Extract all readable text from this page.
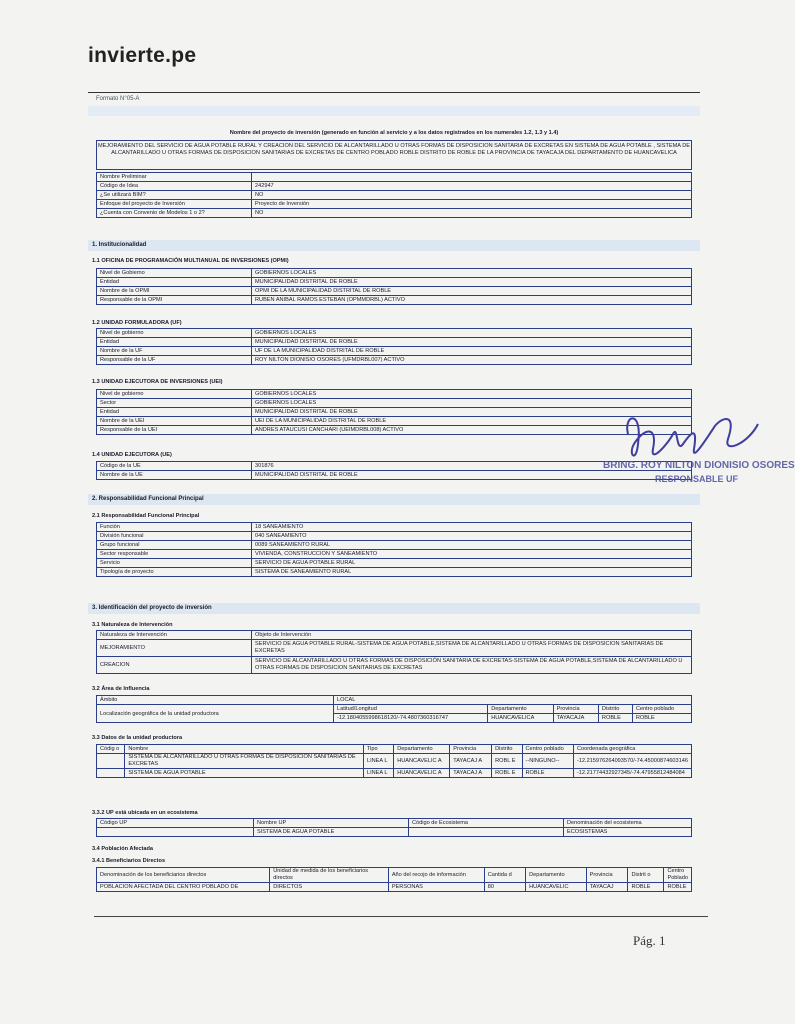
invierte.pe
Formato N°05-A
Nombre del proyecto de inversión (generado en función al servicio y a los datos registrados en los numerales 1.2, 1.3 y 1.4)
MEJORAMIENTO DEL SERVICIO DE AGUA POTABLE RURAL Y CREACION DEL SERVICIO DE ALCANTARILLADO U OTRAS FORMAS DE DISPOSICION SANITARIA DE EXCRETAS EN SISTEMA DE AGUA POTABLE , SISTEMA DE ALCANTARILLADO U OTRAS FORMAS DE DISPOSICION SANITARIAS DE EXCRETAS DE CENTRO POBLADO ROBLE DISTRITO DE ROBLE DE LA PROVINCIA DE TAYACAJA DEL DEPARTAMENTO DE HUANCAVELICA
Nombre Preliminar	
Código de Idea	242947
¿Se utilizará BIM?	NO
Enfoque del proyecto de Inversión	Proyecto de Inversión
¿Cuenta con Convenio de Modelos 1 o 2?	NO
1. Institucionalidad
1.1 OFICINA DE PROGRAMACIÓN MULTIANUAL DE INVERSIONES (OPMI)
Nivel de Gobierno	GOBIERNOS LOCALES
Entidad	MUNICIPALIDAD DISTRITAL DE ROBLE
Nombre de la OPMI	OPMI DE LA MUNICIPALIDAD DISTRITAL DE ROBLE
Responsable de la OPMI	RUBEN ANIBAL RAMOS ESTEBAN (OPMMDRBL) ACTIVO
1.2 UNIDAD FORMULADORA (UF)
Nivel de gobierno	GOBIERNOS LOCALES
Entidad	MUNICIPALIDAD DISTRITAL DE ROBLE
Nombre de la UF	UF DE LA MUNICIPALIDAD DISTRITAL DE ROBLE
Responsable de la UF	ROY NILTON DIONISIO OSORES (UFMDRBL007) ACTIVO
1.3 UNIDAD EJECUTORA DE INVERSIONES (UEI)
Nivel de gobierno	GOBIERNOS LOCALES
Sector	GOBIERNOS LOCALES
Entidad	MUNICIPALIDAD DISTRITAL DE ROBLE
Nombre de la UEI	UEI DE LA MUNICIPALIDAD DISTRITAL DE ROBLE
Responsable de la UEI	ANDRES ATAUCUSI CANCHARI (UEIMDRBL008) ACTIVO
1.4 UNIDAD EJECUTORA (UE)
Código de la UE	301876
Nombre de la UE	MUNICIPALIDAD DISTRITAL DE ROBLE
2. Responsabilidad Funcional Principal
2.1 Responsabilidad Funcional Principal
Función	18 SANEAMIENTO
División funcional	040 SANEAMIENTO
Grupo funcional	0089 SANEAMIENTO RURAL
Sector responsable	VIVIENDA, CONSTRUCCION Y SANEAMIENTO
Servicio	SERVICIO DE AGUA POTABLE RURAL
Tipología de proyecto	SISTEMA DE SANEAMIENTO RURAL
3. Identificación del proyecto de inversión
3.1 Naturaleza de Intervención
Naturaleza de Intervención	Objeto de Intervención
MEJORAMIENTO	SERVICIO DE AGUA POTABLE RURAL-SISTEMA DE AGUA POTABLE,SISTEMA DE ALCANTARILLADO U OTRAS FORMAS DE DISPOSICION SANITARIAS DE EXCRETAS
CREACION	SERVICIO DE ALCANTARILLADO U OTRAS FORMAS DE DISPOSICIÓN SANITARIA DE EXCRETAS-SISTEMA DE AGUA POTABLE,SISTEMA DE ALCANTARILLADO U OTRAS FORMAS DE DISPOSICION SANITARIAS DE EXCRETAS
3.2 Área de Influencia
Ámbito	LOCAL				
Localización geográfica de la unidad productora	Latitud/Longitud	Departamento	Provincia	Distrito	Centro poblado
	-12.1804055998618120/-74.4807360316747	HUANCAVELICA	TAYACAJA	ROBLE	ROBLE
3.3 Datos de la unidad productora
Códig o	Nombre	Tipo	Departamento	Provincia	Distrito	Centro poblado	Coordenada geográfica
	SISTEMA DE ALCANTARILLADO U OTRAS FORMAS DE DISPOSICION SANITARIAS DE EXCRETAS	LINEA L	HUANCAVELIC A	TAYACAJ A	ROBL E	--NINGUNO--	-12.215976264093570/-74.45000874603146
	SISTEMA DE AGUA POTABLE	LINEA L	HUANCAVELIC A	TAYACAJ A	ROBL E	ROBLE	-12.21774432927345/-74.47955812484084
3.3.2 UP está ubicada en un ecosistema
Código UP	Nombre UP	Código de Ecosistema	Denominación del ecosistema
	SISTEMA DE AGUA POTABLE		ECOSISTEMAS
3.4 Población Afectada
3.4.1 Beneficiarios Directos
Denominación de los beneficiarios directos	Unidad de medida de los beneficiarios directos	Año del recojo de información	Cantida d	Departamento	Provincia	Distrit o	Centro Poblado
POBLACION AFECTADA DEL CENTRO POBLADO DE	DIRECTOS	PERSONAS	80	HUANCAVELIC	TAYACAJ	ROBLE	ROBLE
BRING. ROY NILTON DIONISIO OSORES
RESPONSABLE UF
Pág. 1
